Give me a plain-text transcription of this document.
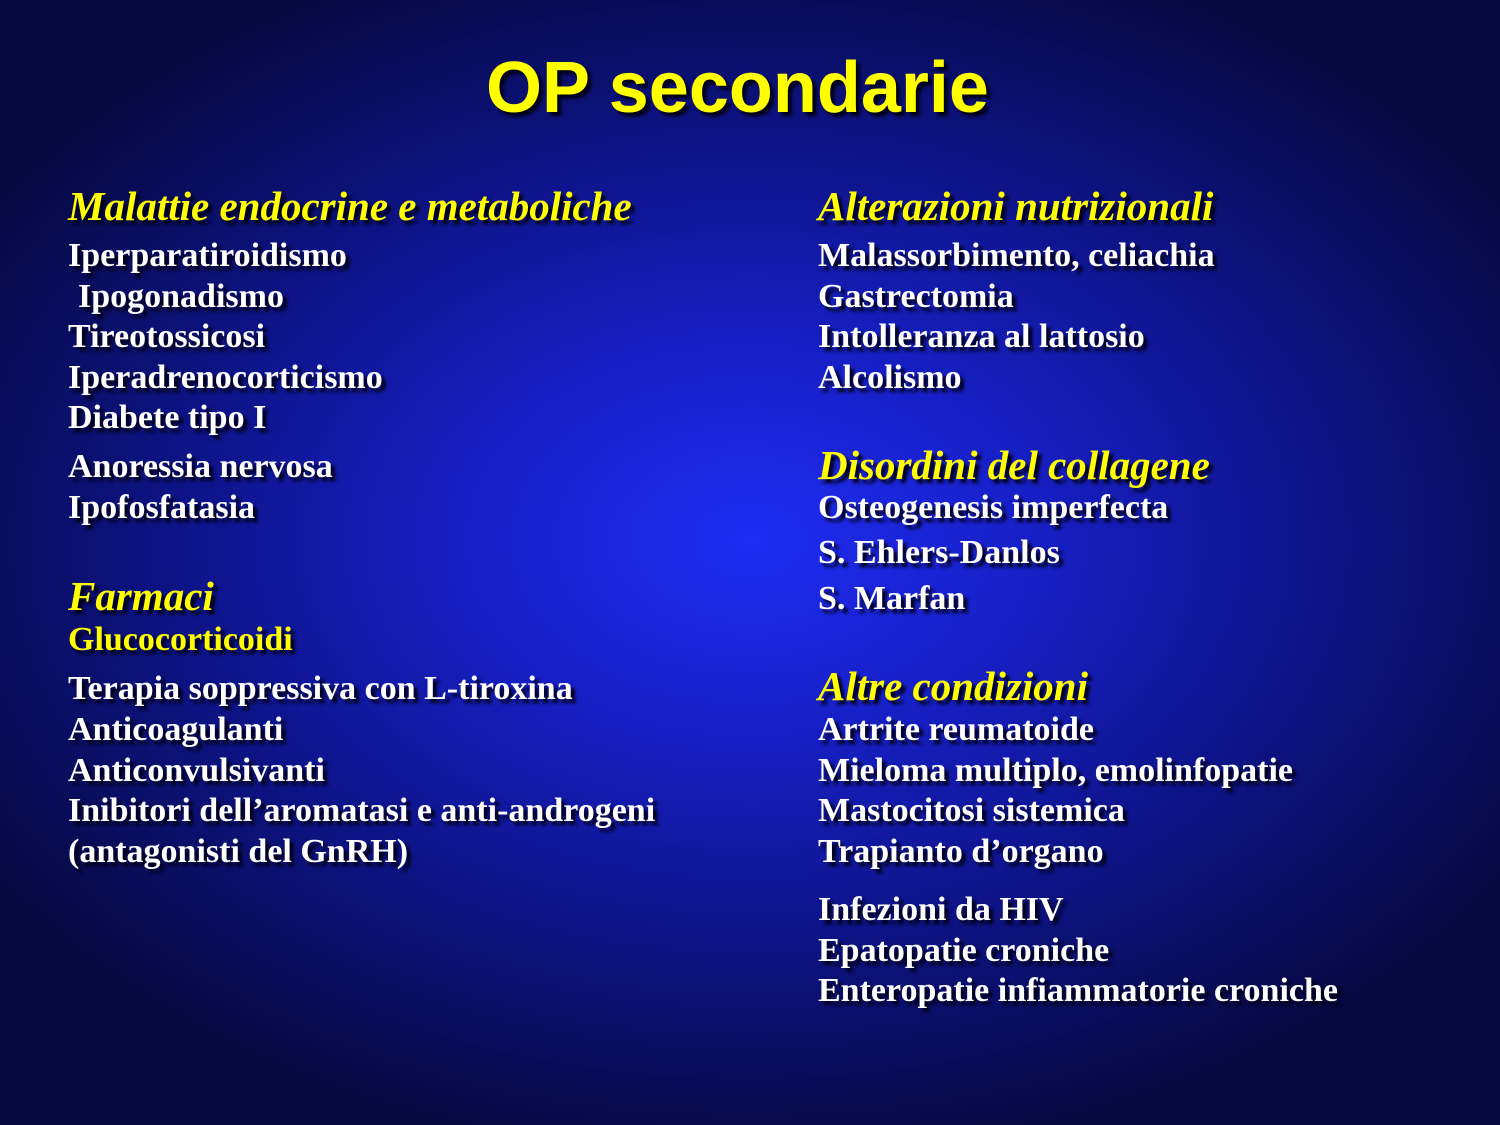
OP secondarie
Malattie endocrine e metaboliche
Iperparatiroidismo
Ipogonadismo
Tireotossicosi
Iperadrenocorticismo
Diabete tipo I
Anoressia nervosa
Ipofosfatasia
Farmaci
Glucocorticoidi
Terapia soppressiva con L-tiroxina
Anticoagulanti
Anticonvulsivanti
Inibitori dell’aromatasi e anti-androgeni
(antagonisti del GnRH)
Alterazioni nutrizionali
Malassorbimento, celiachia
Gastrectomia
Intolleranza al lattosio
Alcolismo
Disordini del collagene
Osteogenesis imperfecta
S. Ehlers-Danlos
S. Marfan
Altre condizioni
Artrite reumatoide
Mieloma multiplo, emolinfopatie
Mastocitosi sistemica
Trapianto d’organo
Infezioni da HIV
Epatopatie croniche
Enteropatie infiammatorie croniche
